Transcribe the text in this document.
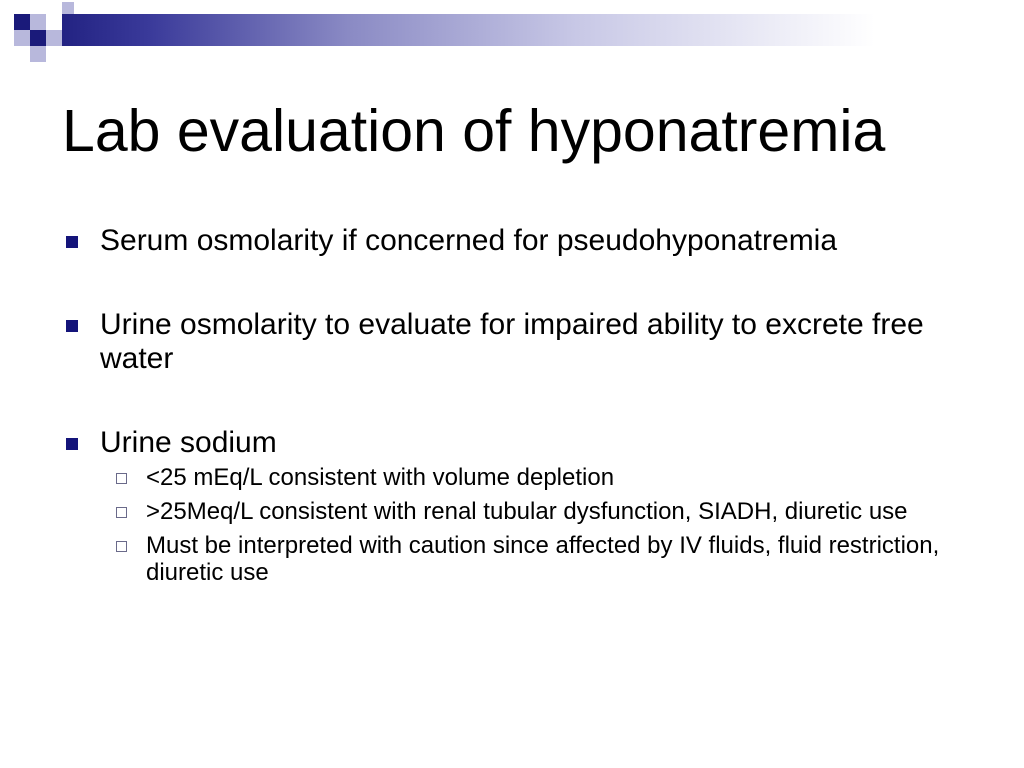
Lab evaluation of hyponatremia
Serum osmolarity if concerned for pseudohyponatremia
Urine osmolarity to evaluate for impaired ability to excrete free water
Urine sodium
<25 mEq/L consistent with volume depletion
>25Meq/L consistent with renal tubular dysfunction, SIADH, diuretic use
Must be interpreted with caution since affected by IV fluids, fluid restriction, diuretic use
